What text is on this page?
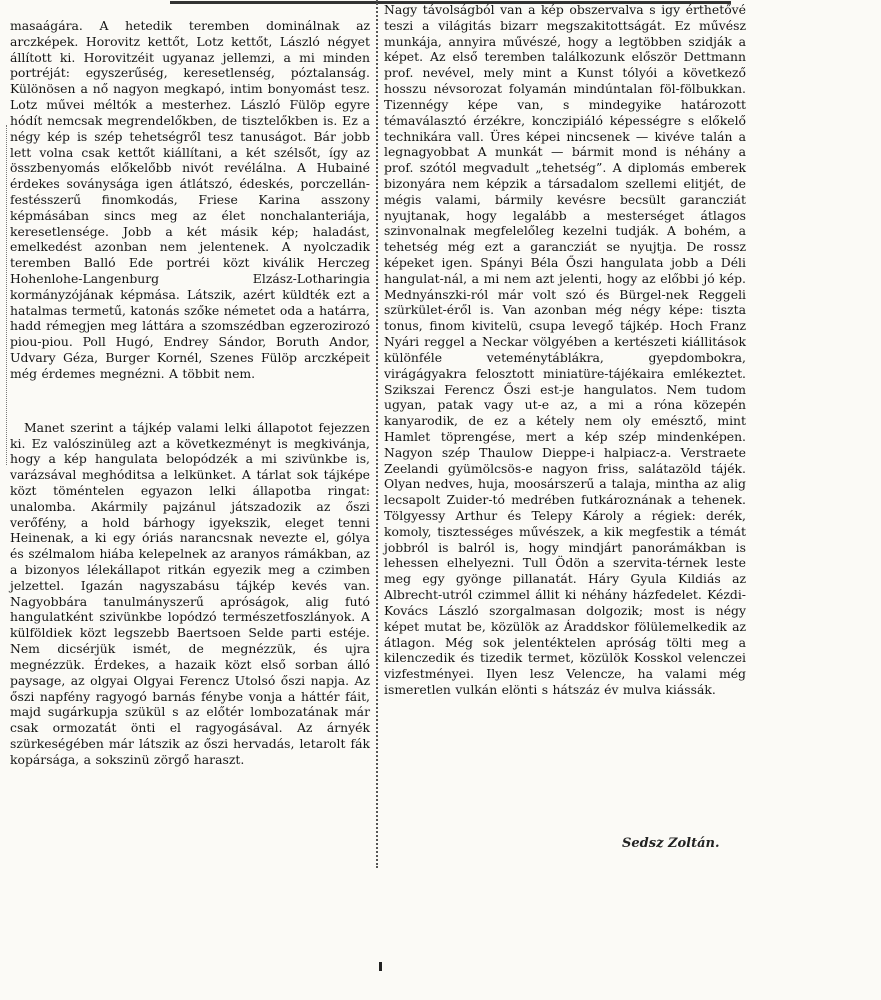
masaágára. A hetedik teremben dominálnak az arczképek. Horovitz kettőt, Lotz kettőt, László négyet állított ki. Horovitzéit ugyanaz jellemzi, a mi minden portréját: egyszerűség, keresetlenség, póztalanság. Különösen a nő nagyon megkapó, intim bonyomást tesz. Lotz művei méltók a mesterhez. László Fülöp egyre hódít nemcsak megrendelőkben, de tisztelőkben is. Ez a négy kép is szép tehetségről tesz tanuságot. Bár jobb lett volna csak kettőt kiállítani, a két szélsőt, így az összbenyomás előkelőbb nivót revélálna. A Hubainé érdekes soványsága igen átlátszó, édeskés, porczellán-festésszerű finomkodás, Friese Karina asszony képmásában sincs meg az élet nonchalanteriája, keresetlensége. Jobb a két másik kép; haladást, emelkedést azonban nem jelentenek. A nyolczadik teremben Balló Ede portréi közt kiválik Herczeg Hohenlohe-Langenburg Elzász-Lotharingia kormányzójának képmása. Látszik, azért küldték ezt a hatalmas termetű, katonás szőke németet oda a határra, hadd rémegjen meg láttára a szomszédban egzerozirozó piou-piou. Poll Hugó, Endrey Sándor, Boruth Andor, Udvary Géza, Burger Kornél, Szenes Fülöp arczképeit még érdemes megnézni. A többit nem.

Manet szerint a tájkép valami lelki állapotot fejezzen ki. Ez valószinüleg azt a következményt is megkivánja, hogy a kép hangulata belopódzék a mi szivünkbe is, varázsával meghóditsa a lelkünket. A tárlat sok tájképe közt töméntelen egyazon lelki állapotba ringat: unalomba. Akármily pajzánul játszadozik az őszi verőfény, a hold bárhogy igyekszik, eleget tenni Heinenak, a ki egy óriás narancsnak nevezte el, gólya és szélmalom hiába kelepelnek az aranyos rámákban, az a bizonyos lélekállapot ritkán egyezik meg a czimben jelzettel. Igazán nagyszabásu tájkép kevés van. Nagyobbára tanulmányszerű apróságok, alig futó hangulatként szivünkbe lopódzó természetfoszlányok. A külföldiek közt legszebb Baertsoen Selde parti estéje. Nem dicsérjük ismét, de megnézzük, és ujra megnézzük. Érdekes, a hazaik közt első sorban álló paysage, az olgyai Olgyai Ferencz Utolsó őszi napja. Az őszi napfény ragyogó barnás fénybe vonja a háttér fáit, majd sugárkupja szükül s az előtér lombozatának már csak ormozatát önti el ragyogásával. Az árnyék szürkeségében már látszik az őszi hervadás, letarolt fák kopársága, a sokszinü zörgő haraszt.

Nagy távolságból van a kép obszervalva s igy érthetővé teszi a világitás bizarr megszakitottságát. Ez művész munkája, annyira művészé, hogy a legtöbben szidják a képet. Az első teremben találkozunk először Dettmann prof. nevével, mely mint a Kunst tólyói a következő hosszu névsorozat folyamán mindúntalan föl-fölbukkan. Tizennégy képe van, s mindegyike határozott témaválasztó érzékre, konczipiáló képességre s előkelő technikára vall. Üres képei nincsenek — kivéve talán a legnagyobbat A munkát — bármit mond is néhány a prof. szótól megvadult „tehetség”. A diplomás emberek bizonyára nem képzik a társadalom szellemi elitjét, de mégis valami, bármily kevésre becsült garancziát nyujtanak, hogy legalább a mesterséget átlagos szinvonalnak megfelelőleg kezelni tudják. A bohém, a tehetség még ezt a garancziát se nyujtja. De rossz képeket igen. Spányi Béla Őszi hangulata jobb a Déli hangulat-nál, a mi nem azt jelenti, hogy az előbbi jó kép. Mednyánszki-ról már volt szó és Bürgel-nek Reggeli szürkület-éről is. Van azonban még négy képe: tiszta tonus, finom kivitelü, csupa levegő tájkép. Hoch Franz Nyári reggel a Neckar völgyében a kertészeti kiállitások különféle veteménytáblákra, gyepdombokra, virágágyakra felosztott miniatüre-tájékaira emlékeztet. Szikszai Ferencz Őszi est-je hangulatos. Nem tudom ugyan, patak vagy ut-e az, a mi a róna közepén kanyarodik, de ez a kétely nem oly emésztő, mint Hamlet töprengése, mert a kép szép mindenképen. Nagyon szép Thaulow Dieppe-i halpiacz-a. Verstraete Zeelandi gyümölcsös-e nagyon friss, salátazöld tájék. Olyan nedves, huja, moosárszerű a talaja, mintha az alig lecsapolt Zuider-tó medrében futkároznának a tehenek. Tölgyessy Arthur és Telepy Károly a régiek: derék, komoly, tisztességes művészek, a kik megfestik a témát jobbról is balról is, hogy mindjárt panorámákban is lehessen elhelyezni. Tull Ödön a szervita-térnek leste meg egy gyönge pillanatát. Háry Gyula Kildiás az Albrecht-utról czimmel állit ki néhány házfedelet. Kézdi-Kovács László szorgalmasan dolgozik; most is négy képet mutat be, közülök az Áraddskor fölülemelkedik az átlagon. Még sok jelentéktelen apróság tölti meg a kilenczedik és tizedik termet, közülök Kosskol velenczei vizfestményei. Ilyen lesz Velencze, ha valami még ismeretlen vulkán elönti s hátszáz év mulva kiássák.

Sedsz Zoltán.
